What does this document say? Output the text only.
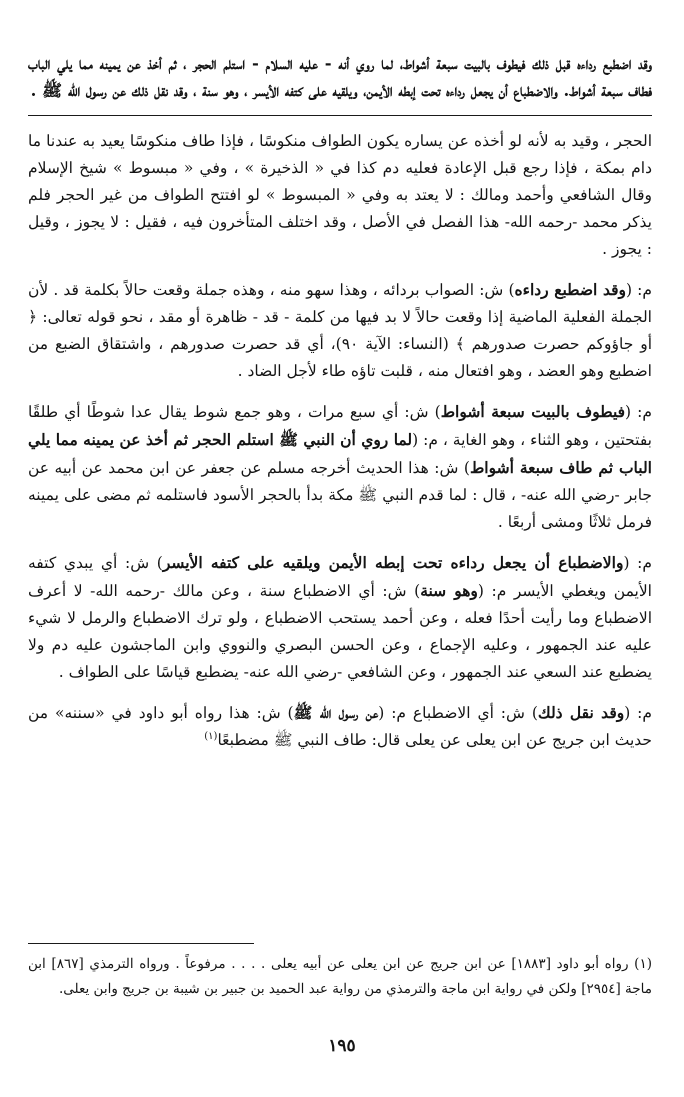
وقد اضطبع رداءه قبل ذلك فيطوف بالبيت سبعة أشواط، لما روي أنه - عليه السلام - استلم الحجر ، ثم أخذ عن يمينه مما يلي الباب فطاف سبعة أشواط. والاضطباع أن يجعل رداءه تحت إبطه الأيمن، ويلقيه على كتفه الأيسر ، وهو سنة ، وقد نقل ذلك عن رسول الله ﷺ .

الحجر ، وقيد به لأنه لو أخذه عن يساره يكون الطواف منكوسًا ، فإذا طاف منكوسًا يعيد به عندنا ما دام بمكة ، فإذا رجع قبل الإعادة فعليه دم كذا في « الذخيرة » ، وفي « مبسوط » شيخ الإسلام وقال الشافعي وأحمد ومالك : لا يعتد به وفي « المبسوط » لو افتتح الطواف من غير الحجر فلم يذكر محمد -رحمه الله- هذا الفصل في الأصل ، وقد اختلف المتأخرون فيه ، فقيل : لا يجوز ، وقيل : يجوز .

م: (وقد اضطبع رداءه) ش: الصواب بردائه ، وهذا سهو منه ، وهذه جملة وقعت حالاً بكلمة قد . لأن الجملة الفعلية الماضية إذا وقعت حالاً لا بد فيها من كلمة - قد - ظاهرة أو مقد ، نحو قوله تعالى: ﴿ أو جاؤوكم حصرت صدورهم ﴾ (النساء: الآية ٩٠)، أي قد حصرت صدورهم ، واشتقاق الضبع من اضطبع وهو العضد ، وهو افتعال منه ، قلبت تاؤه طاء لأجل الضاد .

م: (فيطوف بالبيت سبعة أشواط) ش: أي سبع مرات ، وهو جمع شوط يقال عدا شوطًا أي طلقًا بفتحتين ، وهو الثناء ، وهو الغاية ، م: (لما روي أن النبي ﷺ استلم الحجر ثم أخذ عن يمينه مما يلي الباب ثم طاف سبعة أشواط) ش: هذا الحديث أخرجه مسلم عن جعفر عن ابن محمد عن أبيه عن جابر -رضي الله عنه- ، قال : لما قدم النبي ﷺ مكة بدأ بالحجر الأسود فاستلمه ثم مضى على يمينه فرمل ثلاثًا ومشى أربعًا .

م: (والاضطباع أن يجعل رداءه تحت إبطه الأيمن ويلقيه على كتفه الأيسر) ش: أي يبدي كتفه الأيمن ويغطي الأيسر م: (وهو سنة) ش: أي الاضطباع سنة ، وعن مالك -رحمه الله- لا أعرف الاضطباع وما رأيت أحدًا فعله ، وعن أحمد يستحب الاضطباع ، ولو ترك الاضطباع والرمل لا شيء عليه عند الجمهور ، وعليه الإجماع ، وعن الحسن البصري والنووي وابن الماجشون عليه دم ولا يضطبع عند السعي عند الجمهور ، وعن الشافعي -رضي الله عنه- يضطبع قياسًا على الطواف .

م: (وقد نقل ذلك) ش: أي الاضطباع م: (عن رسول الله ﷺ) ش: هذا رواه أبو داود في «سننه» من حديث ابن جريج عن ابن يعلى عن يعلى قال: طاف النبي ﷺ مضطبعًا$^{(١)}$

(١) رواه أبو داود [١٨٨٣] عن ابن جريج عن ابن يعلى عن أبيه يعلى . . . . مرفوعاً . ورواه الترمذي [٨٦٧] ابن ماجة [٢٩٥٤] ولكن في رواية ابن ماجة والترمذي من رواية عبد الحميد بن جبير بن شيبة بن جريج وابن يعلى.

١٩٥
